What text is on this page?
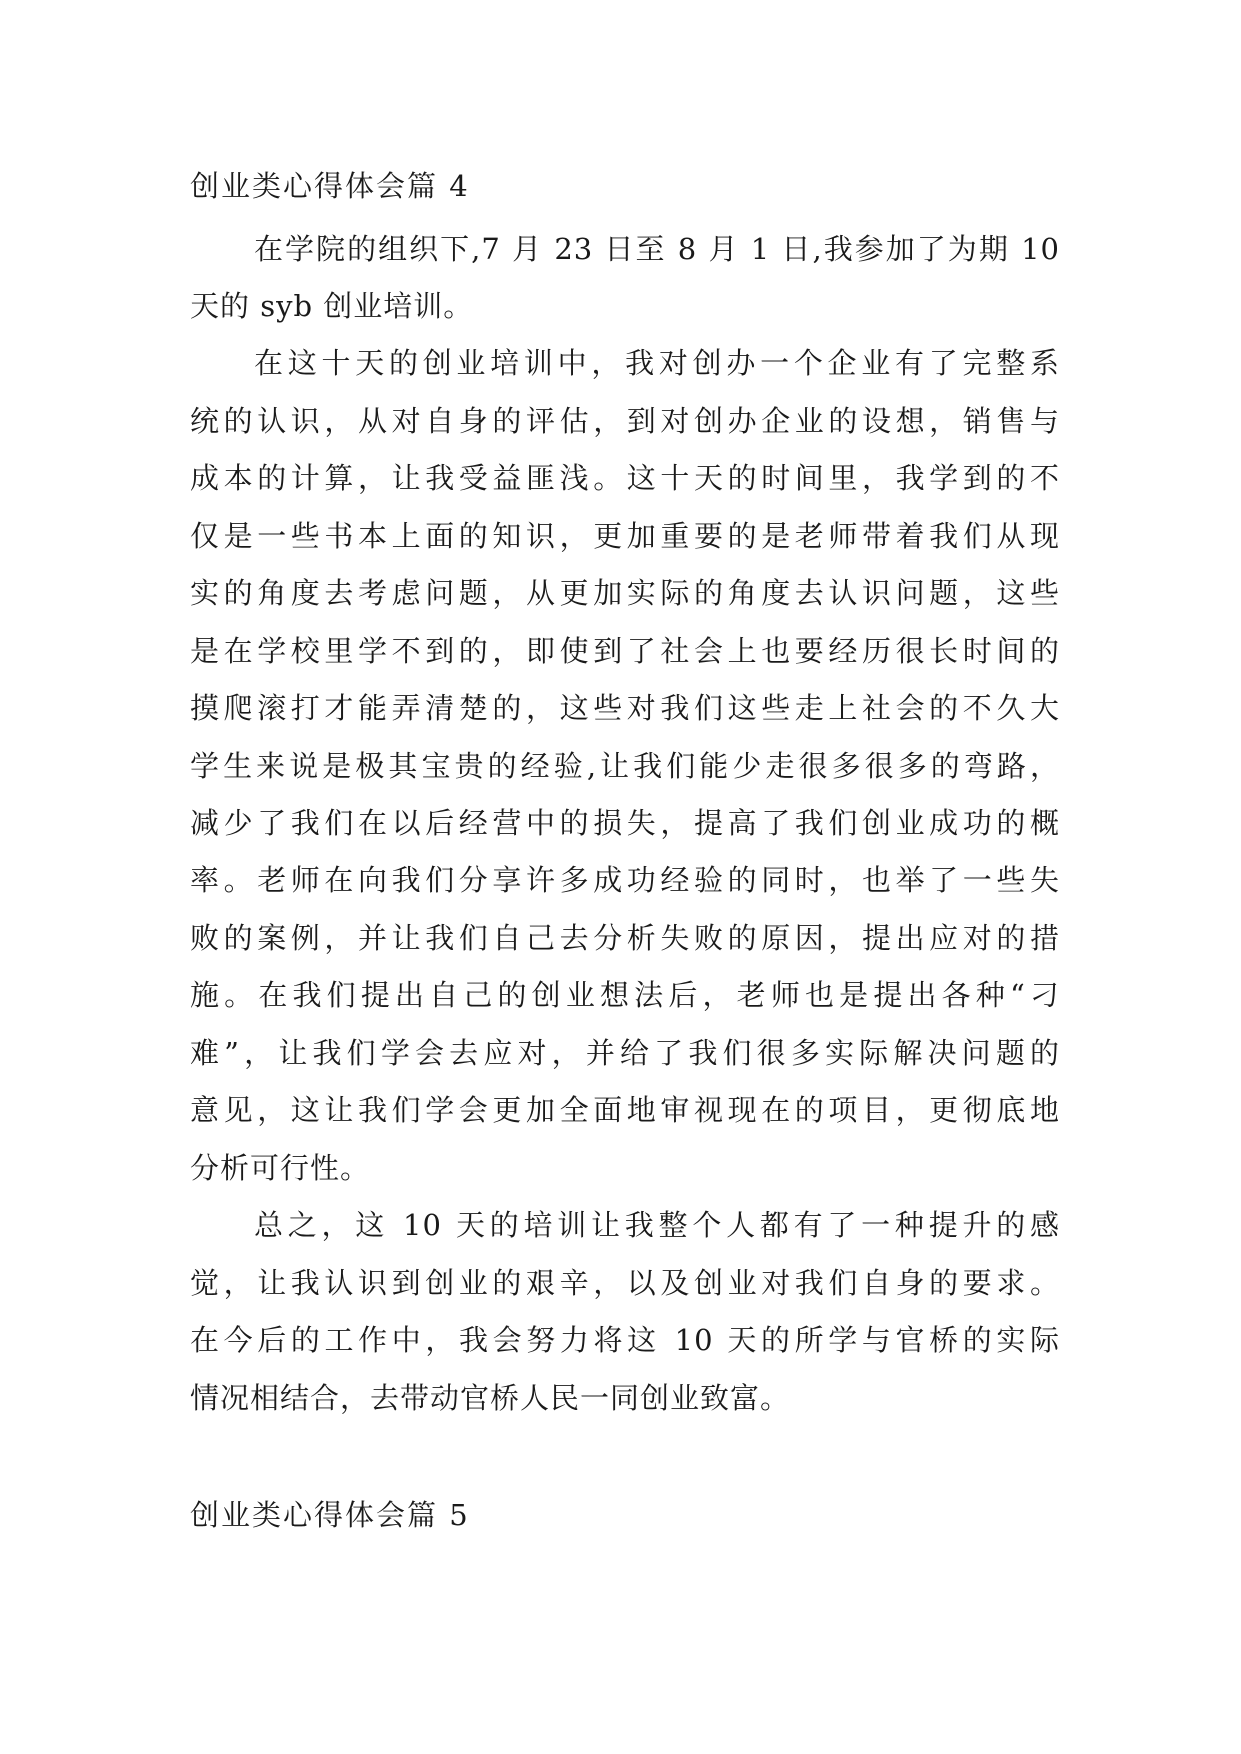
创业类心得体会篇 4
在学院的组织下,7 月 23 日至 8 月 1 日,我参加了为期 10
天的 syb 创业培训。
在这十天的创业培训中，我对创办一个企业有了完整系
统的认识，从对自身的评估，到对创办企业的设想，销售与
成本的计算，让我受益匪浅。这十天的时间里，我学到的不
仅是一些书本上面的知识，更加重要的是老师带着我们从现
实的角度去考虑问题，从更加实际的角度去认识问题，这些
是在学校里学不到的，即使到了社会上也要经历很长时间的
摸爬滚打才能弄清楚的，这些对我们这些走上社会的不久大
学生来说是极其宝贵的经验,让我们能少走很多很多的弯路，
减少了我们在以后经营中的损失，提高了我们创业成功的概
率。老师在向我们分享许多成功经验的同时，也举了一些失
败的案例，并让我们自己去分析失败的原因，提出应对的措
施。在我们提出自己的创业想法后，老师也是提出各种“刁
难”，让我们学会去应对，并给了我们很多实际解决问题的
意见，这让我们学会更加全面地审视现在的项目，更彻底地
分析可行性。
总之，这 10 天的培训让我整个人都有了一种提升的感
觉，让我认识到创业的艰辛，以及创业对我们自身的要求。
在今后的工作中，我会努力将这 10 天的所学与官桥的实际
情况相结合，去带动官桥人民一同创业致富。
创业类心得体会篇 5
